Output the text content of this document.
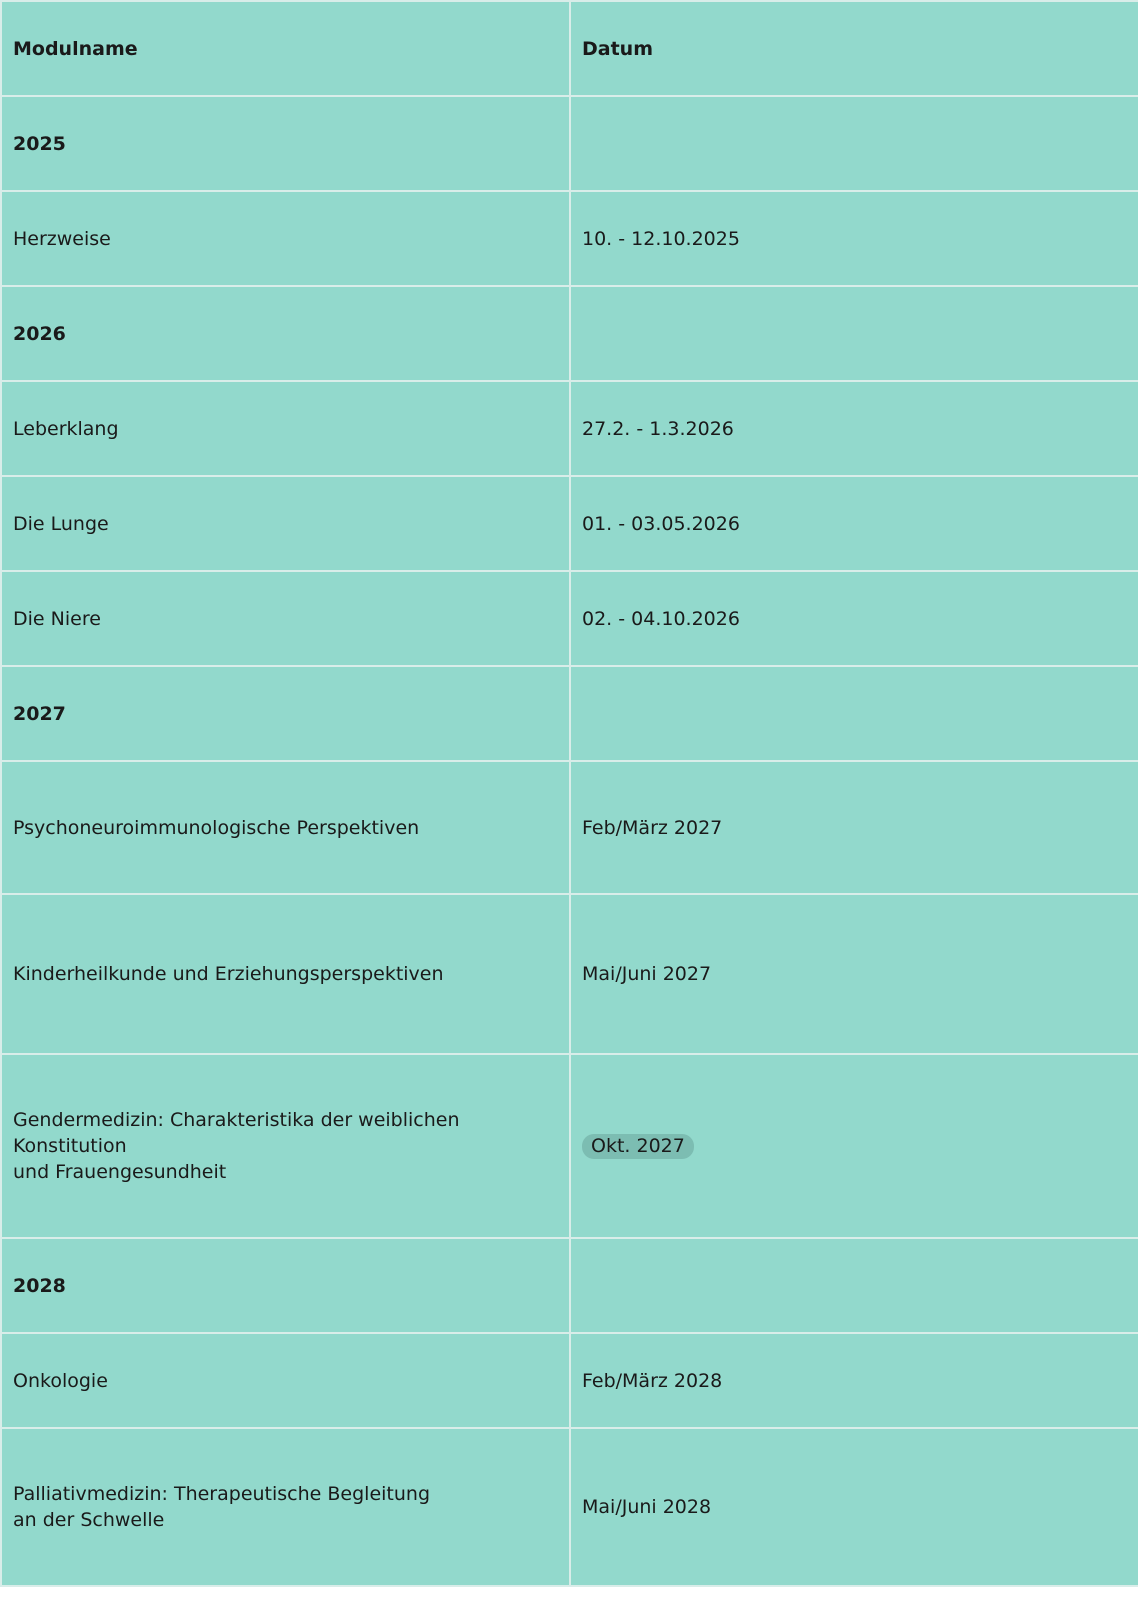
Modulname	Datum
2025	
Herzweise	10. - 12.10.2025
2026	
Leberklang	27.2. - 1.3.2026
Die Lunge	01. - 03.05.2026
Die Niere	02. - 04.10.2026
2027	
Psychoneuroimmunologische Perspektiven	Feb/März 2027
Kinderheilkunde und Erziehungsperspektiven	Mai/Juni 2027
Gendermedizin: Charakteristika der weiblichen Konstitution
und Frauengesundheit	Okt. 2027
2028	
Onkologie	Feb/März 2028
Palliativmedizin: Therapeutische Begleitung
an der Schwelle	Mai/Juni 2028
